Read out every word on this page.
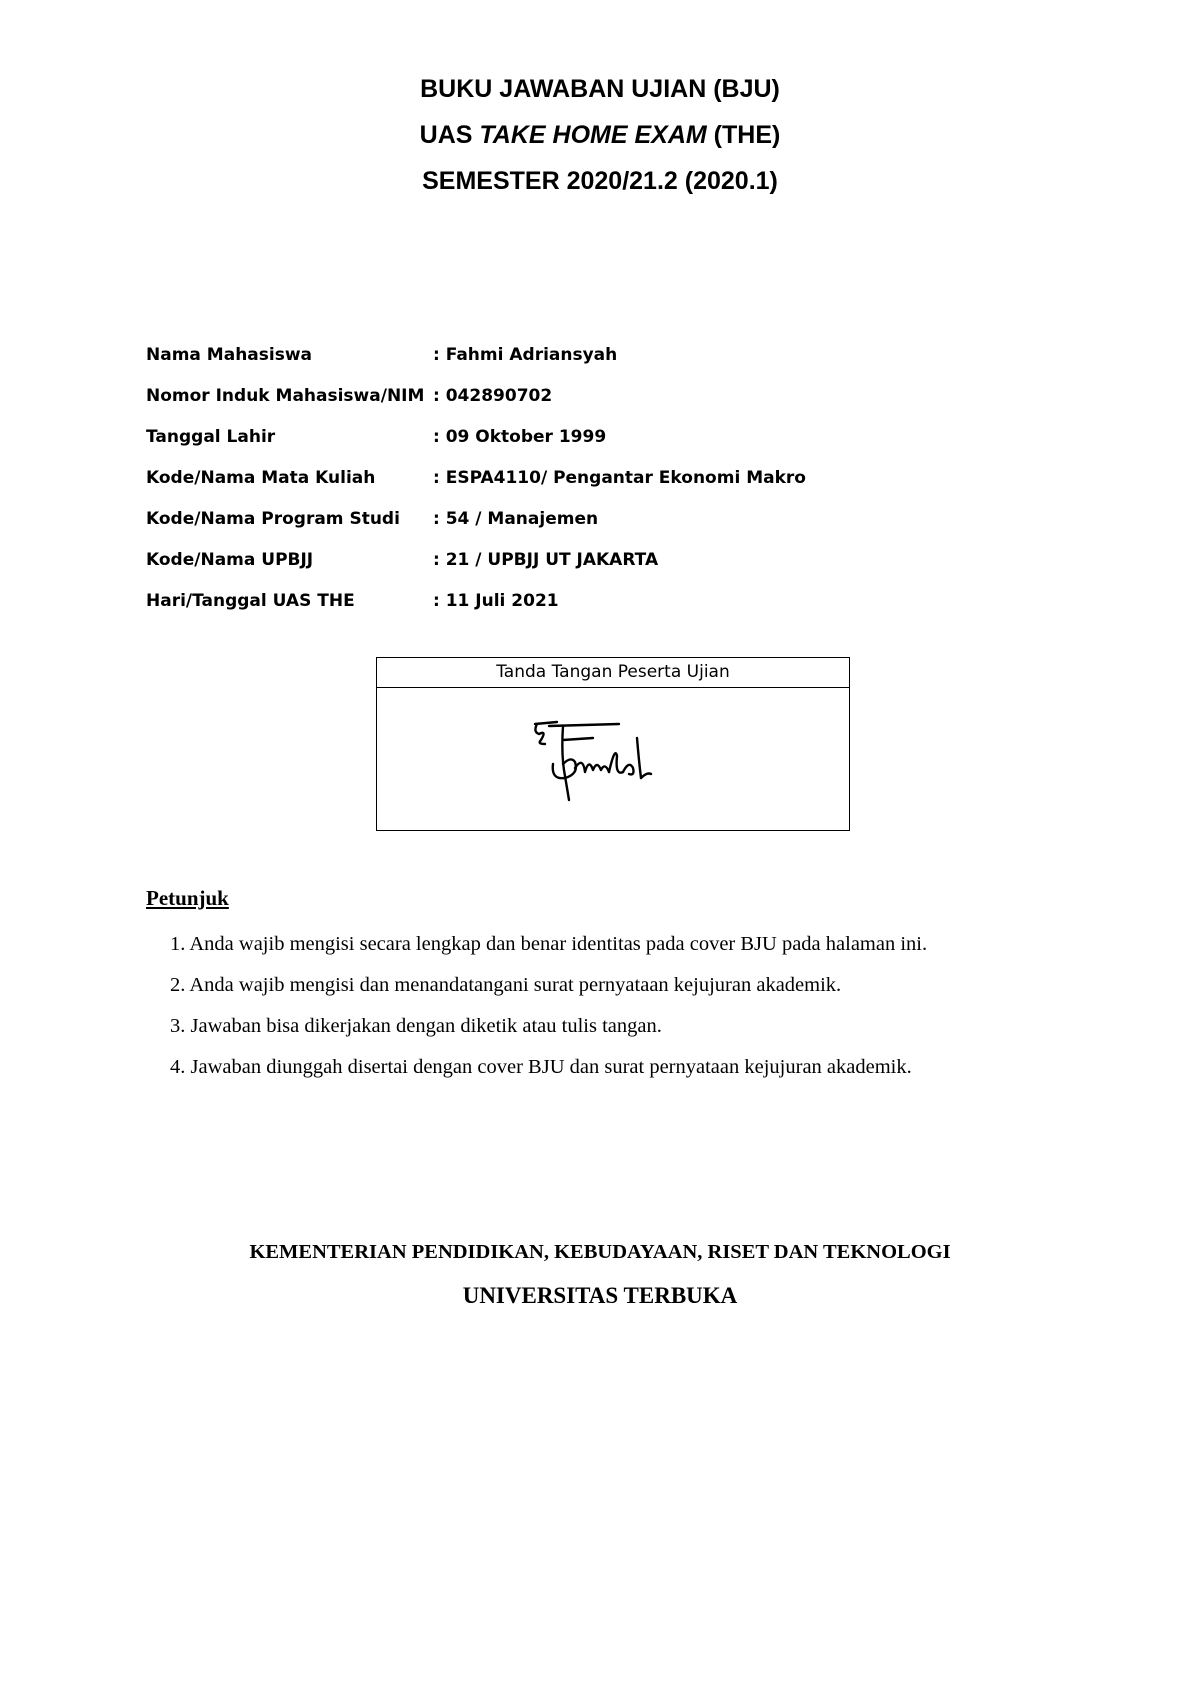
BUKU JAWABAN UJIAN (BJU)
UAS TAKE HOME EXAM (THE)
SEMESTER 2020/21.2 (2020.1)
Nama Mahasiswa	: Fahmi Adriansyah
Nomor Induk Mahasiswa/NIM : 042890702
Tanggal Lahir	: 09 Oktober 1999
Kode/Nama Mata Kuliah	: ESPA4110/ Pengantar Ekonomi Makro
Kode/Nama Program Studi	: 54 / Manajemen
Kode/Nama UPBJJ	: 21 / UPBJJ UT JAKARTA
Hari/Tanggal UAS THE	: 11 Juli 2021
Tanda Tangan Peserta Ujian
Petunjuk
1. Anda wajib mengisi secara lengkap dan benar identitas pada cover BJU pada halaman ini.
2. Anda wajib mengisi dan menandatangani surat pernyataan kejujuran akademik.
3. Jawaban bisa dikerjakan dengan diketik atau tulis tangan.
4. Jawaban diunggah disertai dengan cover BJU dan surat pernyataan kejujuran akademik.
KEMENTERIAN PENDIDIKAN, KEBUDAYAAN, RISET DAN TEKNOLOGI
UNIVERSITAS TERBUKA
